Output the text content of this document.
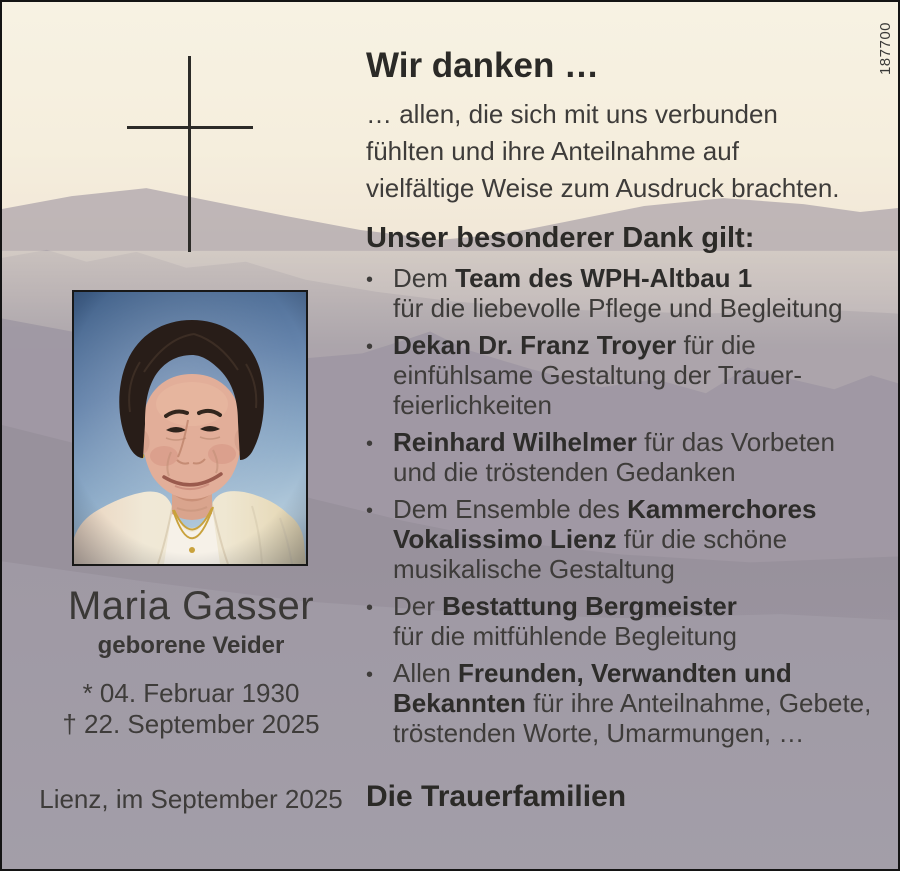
187700
Maria Gasser
geborene Veider
* 04. Februar 1930
† 22. September 2025
Lienz, im September 2025
Wir danken …
… allen, die sich mit uns verbunden
fühlten und ihre Anteilnahme auf
vielfältige Weise zum Ausdruck brachten.
Unser besonderer Dank gilt:
• Dem Team des WPH-Altbau 1
für die liebevolle Pflege und Begleitung
• Dekan Dr. Franz Troyer für die
einfühlsame Gestaltung der Trauer-
feierlichkeiten
• Reinhard Wilhelmer für das Vorbeten
und die tröstenden Gedanken
• Dem Ensemble des Kammerchores
Vokalissimo Lienz für die schöne
musikalische Gestaltung
• Der Bestattung Bergmeister
für die mitfühlende Begleitung
• Allen Freunden, Verwandten und
Bekannten für ihre Anteilnahme, Gebete,
tröstenden Worte, Umarmungen, …
Die Trauerfamilien
